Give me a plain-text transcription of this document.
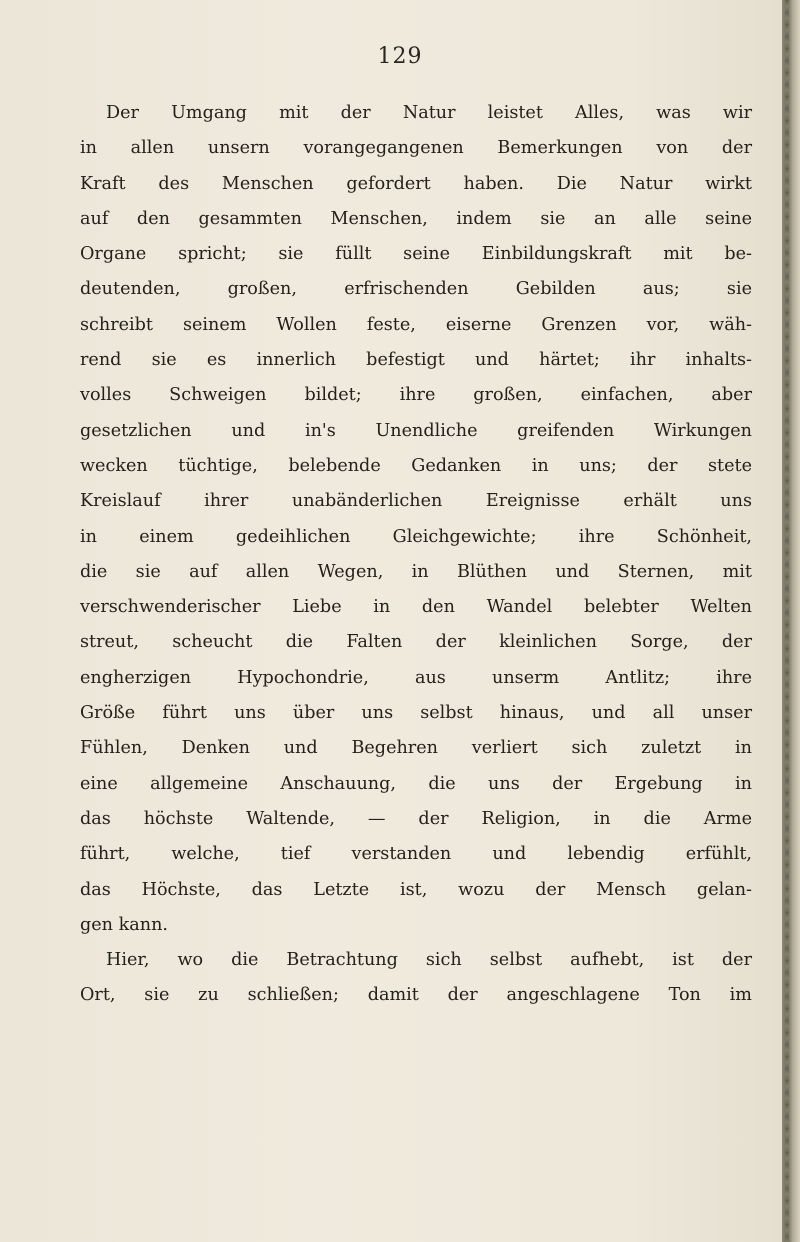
129
Der Umgang mit der Natur leistet Alles, was wir
in allen unsern vorangegangenen Bemerkungen von der
Kraft des Menschen gefordert haben. Die Natur wirkt
auf den gesammten Menschen, indem sie an alle seine
Organe spricht; sie füllt seine Einbildungskraft mit be-
deutenden, großen, erfrischenden Gebilden aus; sie
schreibt seinem Wollen feste, eiserne Grenzen vor, wäh-
rend sie es innerlich befestigt und härtet; ihr inhalts-
volles Schweigen bildet; ihre großen, einfachen, aber
gesetzlichen und in's Unendliche greifenden Wirkungen
wecken tüchtige, belebende Gedanken in uns; der stete
Kreislauf ihrer unabänderlichen Ereignisse erhält uns
in einem gedeihlichen Gleichgewichte; ihre Schönheit,
die sie auf allen Wegen, in Blüthen und Sternen, mit
verschwenderischer Liebe in den Wandel belebter Welten
streut, scheucht die Falten der kleinlichen Sorge, der
engherzigen Hypochondrie, aus unserm Antlitz; ihre
Größe führt uns über uns selbst hinaus, und all unser
Fühlen, Denken und Begehren verliert sich zuletzt in
eine allgemeine Anschauung, die uns der Ergebung in
das höchste Waltende, — der Religion, in die Arme
führt, welche, tief verstanden und lebendig erfühlt,
das Höchste, das Letzte ist, wozu der Mensch gelan-
gen kann.
Hier, wo die Betrachtung sich selbst aufhebt, ist der
Ort, sie zu schließen; damit der angeschlagene Ton im
